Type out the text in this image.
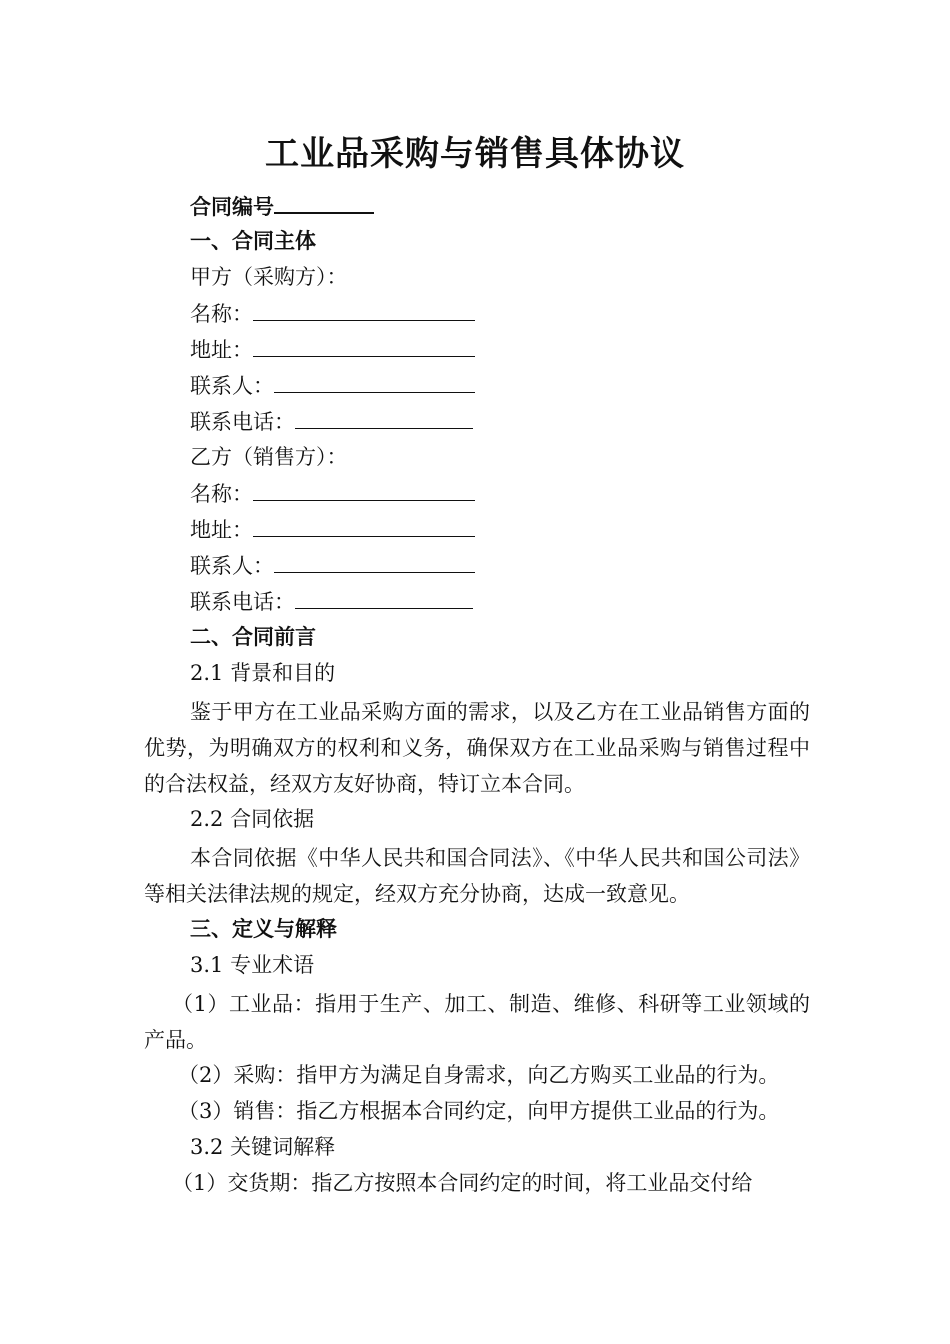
工业品采购与销售具体协议
合同编号
一、合同主体
甲方（采购方）：
名称：
地址：
联系人：
联系电话：
乙方（销售方）：
名称：
地址：
联系人：
联系电话：
二、合同前言
2.1 背景和目的
鉴于甲方在工业品采购方面的需求，以及乙方在工业品销售方面的优势，为明确双方的权利和义务，确保双方在工业品采购与销售过程中的合法权益，经双方友好协商，特订立本合同。
2.2 合同依据
本合同依据《中华人民共和国合同法》、《中华人民共和国公司法》等相关法律法规的规定，经双方充分协商，达成一致意见。
三、定义与解释
3.1 专业术语
（1）工业品：指用于生产、加工、制造、维修、科研等工业领域的产品。
（2）采购：指甲方为满足自身需求，向乙方购买工业品的行为。
（3）销售：指乙方根据本合同约定，向甲方提供工业品的行为。
3.2 关键词解释
（1）交货期：指乙方按照本合同约定的时间，将工业品交付给
